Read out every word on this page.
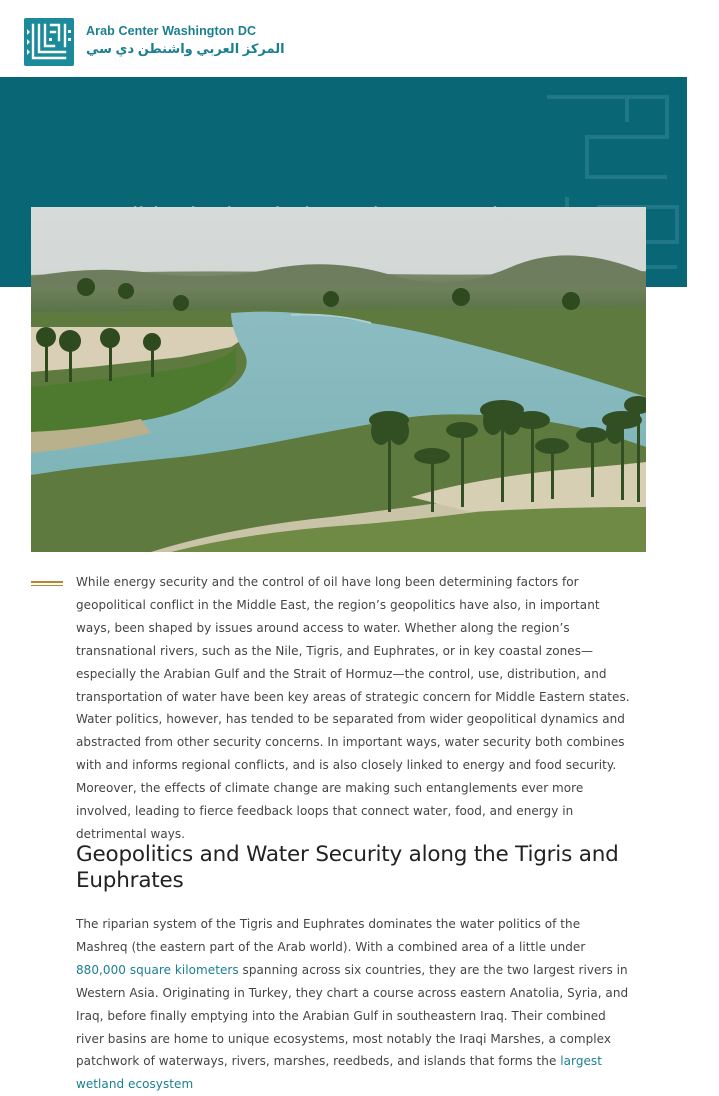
Arab Center Washington DC
المركز العربي واشنطن دي سي

While energy security and the control of oil have long been determining factors for geopolitical conflict in the Middle East, the region’s geopolitics have also, in important ways, been shaped by issues around access to water. Whether along the region’s transnational rivers, such as the Nile, Tigris, and Euphrates, or in key coastal zones—especially the Arabian Gulf and the Strait of Hormuz—the control, use, distribution, and transportation of water have been key areas of strategic concern for Middle Eastern states. Water politics, however, has tended to be separated from wider geopolitical dynamics and abstracted from other security concerns. In important ways, water security both combines with and informs regional conflicts, and is also closely linked to energy and food security. Moreover, the effects of climate change are making such entanglements ever more involved, leading to fierce feedback loops that connect water, food, and energy in detrimental ways.

Geopolitics and Water Security along the Tigris and Euphrates

The riparian system of the Tigris and Euphrates dominates the water politics of the Mashreq (the eastern part of the Arab world). With a combined area of a little under 880,000 square kilometers spanning across six countries, they are the two largest rivers in Western Asia. Originating in Turkey, they chart a course across eastern Anatolia, Syria, and Iraq, before finally emptying into the Arabian Gulf in southeastern Iraq. Their combined river basins are home to unique ecosystems, most notably the Iraqi Marshes, a complex patchwork of waterways, rivers, marshes, reedbeds, and islands that forms the largest wetland ecosystem
